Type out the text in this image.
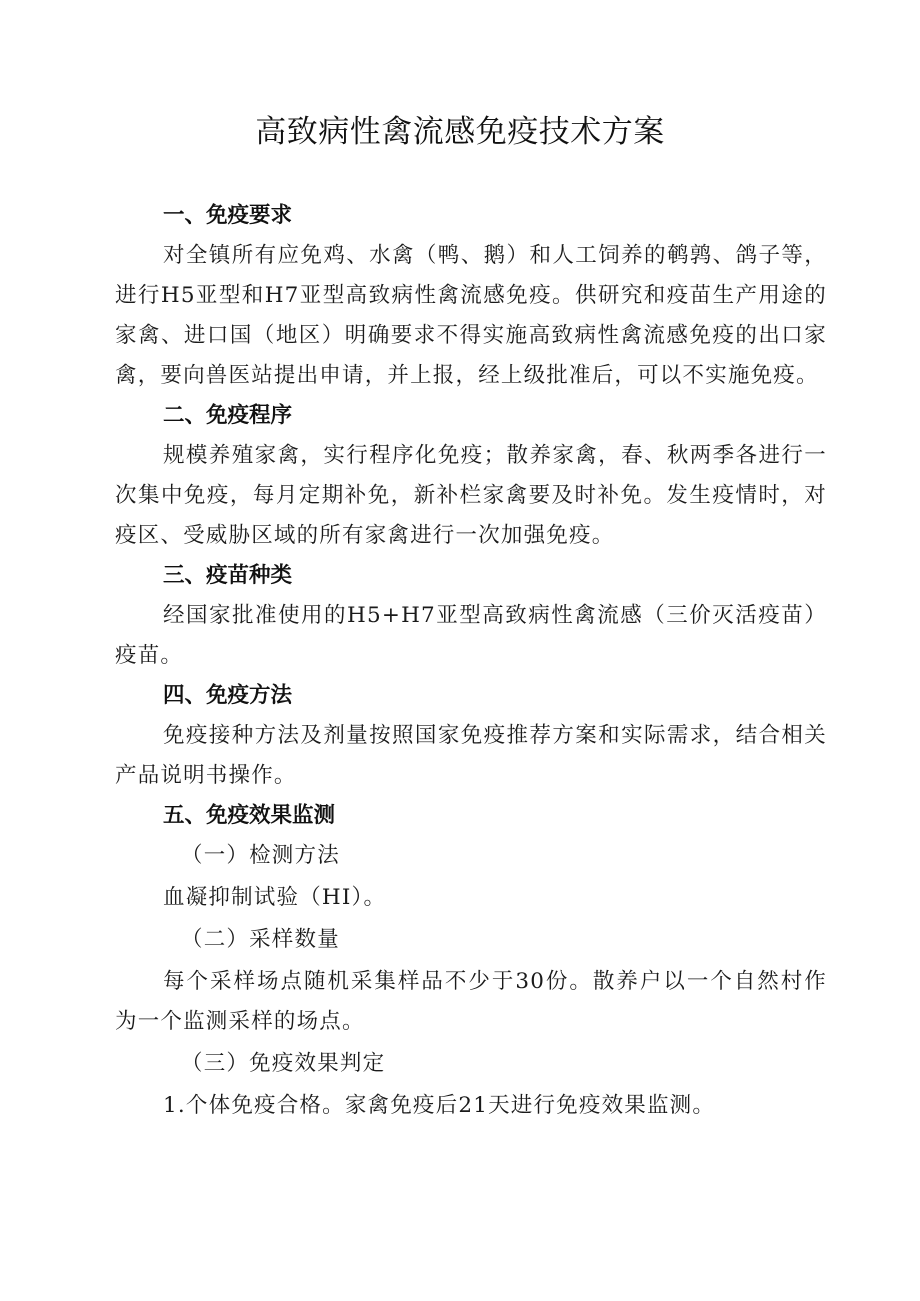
高致病性禽流感免疫技术方案

一、免疫要求

对全镇所有应免鸡、水禽（鸭、鹅）和人工饲养的鹌鹑、鸽子等，进行H5亚型和H7亚型高致病性禽流感免疫。供研究和疫苗生产用途的家禽、进口国（地区）明确要求不得实施高致病性禽流感免疫的出口家禽，要向兽医站提出申请，并上报，经上级批准后，可以不实施免疫。

二、免疫程序

规模养殖家禽，实行程序化免疫；散养家禽，春、秋两季各进行一次集中免疫，每月定期补免，新补栏家禽要及时补免。发生疫情时，对疫区、受威胁区域的所有家禽进行一次加强免疫。

三、疫苗种类

经国家批准使用的H5+H7亚型高致病性禽流感（三价灭活疫苗）疫苗。

四、免疫方法

免疫接种方法及剂量按照国家免疫推荐方案和实际需求，结合相关产品说明书操作。

五、免疫效果监测

（一）检测方法

血凝抑制试验（HI）。

（二）采样数量

每个采样场点随机采集样品不少于30份。散养户以一个自然村作为一个监测采样的场点。

（三）免疫效果判定

1.个体免疫合格。家禽免疫后21天进行免疫效果监测。
